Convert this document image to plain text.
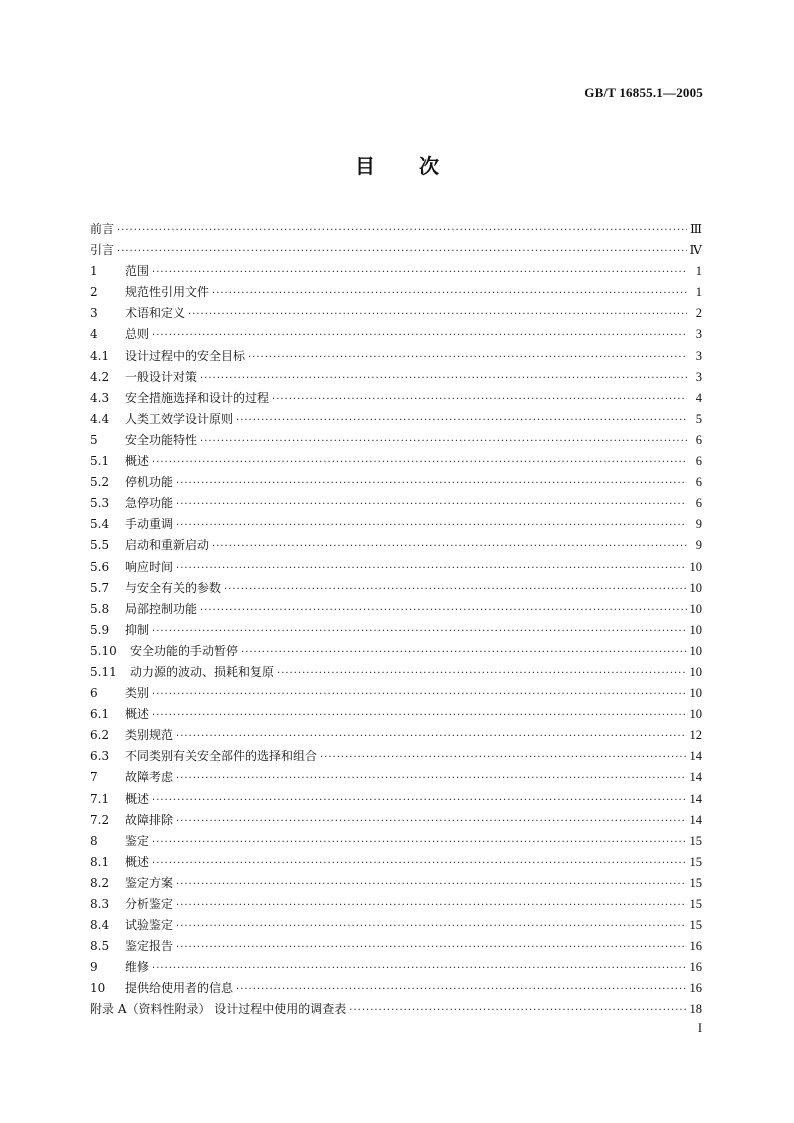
GB/T 16855.1—2005
目 次
前言 ·····	Ⅲ
引言 ·····	Ⅳ
1	范围 ·····	1
2	规范性引用文件 ·····	1
3	术语和定义 ·····	2
4	总则 ·····	3
4.1	设计过程中的安全目标 ·····	3
4.2	一般设计对策 ·····	3
4.3	安全措施选择和设计的过程 ·····	4
4.4	人类工效学设计原则 ·····	5
5	安全功能特性 ·····	6
5.1	概述 ·····	6
5.2	停机功能 ·····	6
5.3	急停功能 ·····	6
5.4	手动重调 ·····	9
5.5	启动和重新启动 ·····	9
5.6	响应时间 ·····	10
5.7	与安全有关的参数 ·····	10
5.8	局部控制功能 ·····	10
5.9	抑制 ·····	10
5.10	安全功能的手动暂停 ·····	10
5.11	动力源的波动、损耗和复原 ·····	10
6	类别 ·····	10
6.1	概述 ·····	10
6.2	类别规范 ·····	12
6.3	不同类别有关安全部件的选择和组合 ·····	14
7	故障考虑 ·····	14
7.1	概述 ·····	14
7.2	故障排除 ·····	14
8	鉴定 ·····	15
8.1	概述 ·····	15
8.2	鉴定方案 ·····	15
8.3	分析鉴定 ·····	15
8.4	试验鉴定 ·····	15
8.5	鉴定报告 ·····	16
9	维修 ·····	16
10	提供给使用者的信息 ·····	16
附录 A（资料性附录） 设计过程中使用的调查表 ·····	18
I
